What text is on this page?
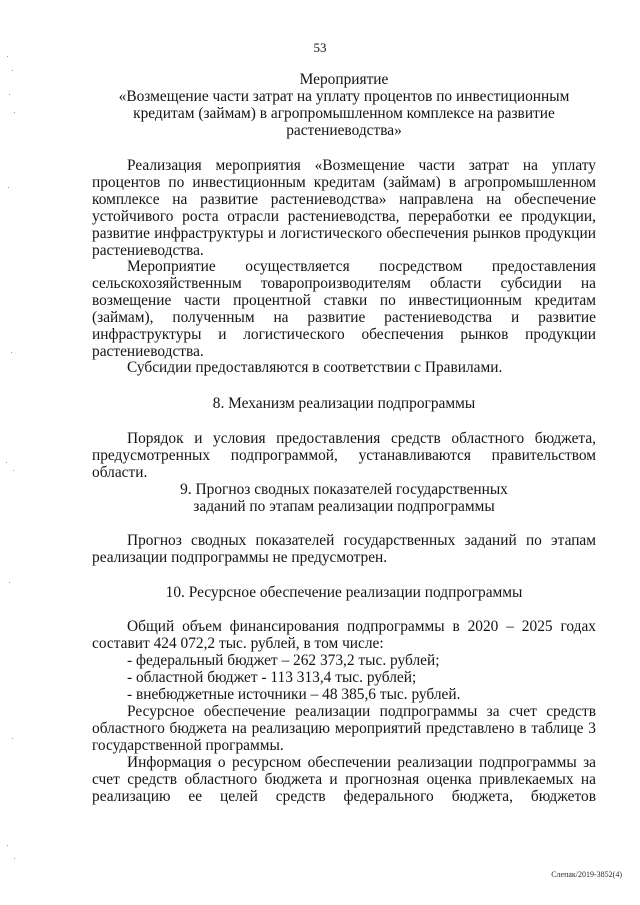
53
Мероприятие
«Возмещение части затрат на уплату процентов по инвестиционным
кредитам (займам) в агропромышленном комплексе на развитие
растениеводства»
Реализация мероприятия «Возмещение части затрат на уплату
процентов по инвестиционным кредитам (займам) в агропромышленном
комплексе на развитие растениеводства» направлена на обеспечение
устойчивого роста отрасли растениеводства, переработки ее продукции,
развитие инфраструктуры и логистического обеспечения рынков продукции
растениеводства.
Мероприятие осуществляется посредством предоставления
сельскохозяйственным товаропроизводителям области субсидии на
возмещение части процентной ставки по инвестиционным кредитам
(займам), полученным на развитие растениеводства и развитие
инфраструктуры и логистического обеспечения рынков продукции
растениеводства.
Субсидии предоставляются в соответствии с Правилами.
8. Механизм реализации подпрограммы
Порядок и условия предоставления средств областного бюджета,
предусмотренных подпрограммой, устанавливаются правительством
области.
9. Прогноз сводных показателей государственных
заданий по этапам реализации подпрограммы
Прогноз сводных показателей государственных заданий по этапам
реализации подпрограммы не предусмотрен.
10. Ресурсное обеспечение реализации подпрограммы
Общий объем финансирования подпрограммы в 2020 – 2025 годах
составит 424 072,2 тыс. рублей, в том числе:
- федеральный бюджет – 262 373,2 тыс. рублей;
- областной бюджет - 113 313,4 тыс. рублей;
- внебюджетные источники – 48 385,6 тыс. рублей.
Ресурсное обеспечение реализации подпрограммы за счет средств
областного бюджета на реализацию мероприятий представлено в таблице 3
государственной программы.
Информация о ресурсном обеспечении реализации подпрограммы за
счет средств областного бюджета и прогнозная оценка привлекаемых на
реализацию ее целей средств федерального бюджета, бюджетов
Слепак/2019-3852(4)
